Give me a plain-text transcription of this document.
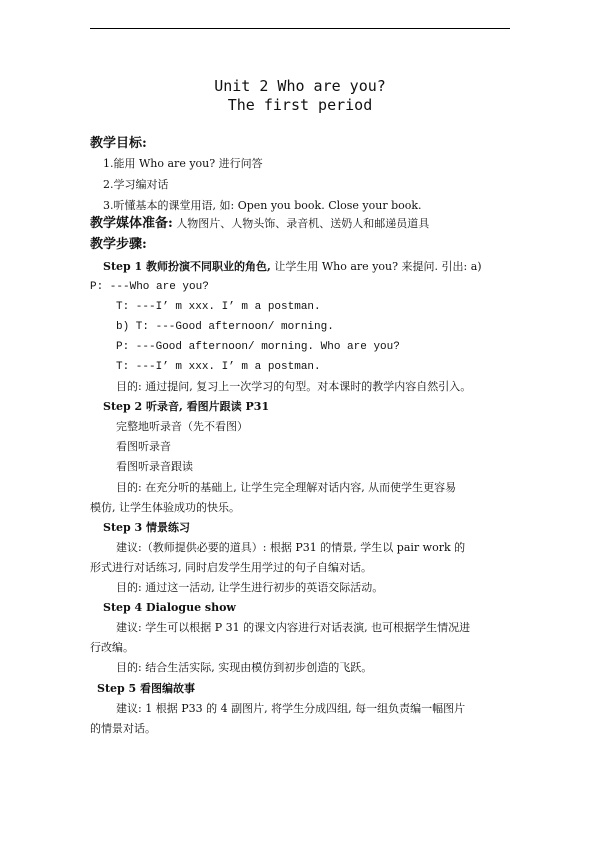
Unit 2 Who are you?
The first period
教学目标:
1.能用 Who are you? 进行问答
2.学习编对话
3.听懂基本的课堂用语, 如: Open you book. Close your book.
教学媒体准备: 人物图片、人物头饰、录音机、送奶人和邮递员道具
教学步骤:
Step 1 教师扮演不同职业的角色, 让学生用 Who are you? 来提问. 引出: a)
P: ---Who are you?
T: ---I’ m xxx. I’ m a postman.
b) T: ---Good afternoon/ morning.
P: ---Good afternoon/ morning. Who are you?
T: ---I’ m xxx. I’ m a postman.
目的: 通过提问, 复习上一次学习的句型。对本课时的教学内容自然引入。
Step 2 听录音, 看图片跟读 P31
完整地听录音（先不看图）
看图听录音
看图听录音跟读
目的: 在充分听的基础上, 让学生完全理解对话内容, 从而使学生更容易
模仿, 让学生体验成功的快乐。
Step 3 情景练习
建议:（教师提供必要的道具）: 根据 P31 的情景, 学生以 pair work 的
形式进行对话练习, 同时启发学生用学过的句子自编对话。
目的: 通过这一活动, 让学生进行初步的英语交际活动。
Step 4 Dialogue show
建议: 学生可以根据 P 31 的课文内容进行对话表演, 也可根据学生情况进
行改编。
目的: 结合生活实际, 实现由模仿到初步创造的飞跃。
Step 5 看图编故事
建议: 1 根据 P33 的 4 副图片, 将学生分成四组, 每一组负责编一幅图片
的情景对话。
